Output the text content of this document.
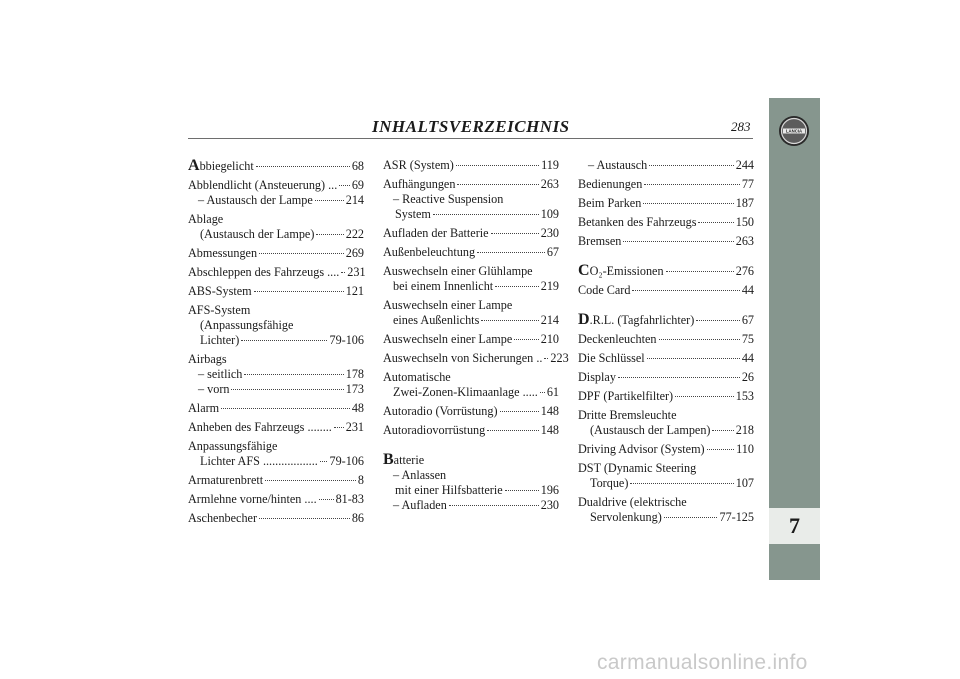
INHALTSVERZEICHNIS	283
Abbiegelicht	68
Abblendlicht (Ansteuerung) ... 69
– Austausch der Lampe	214
Ablage
(Austausch der Lampe)	222
Abmessungen	269
Abschleppen des Fahrzeugs .... 231
ABS-System	121
AFS-System
(Anpassungsfähige
Lichter)	79-106
Airbags
– seitlich	178
– vorn	173
Alarm	48
Anheben des Fahrzeugs ........ 231
Anpassungsfähige
Lichter AFS .................. 79-106
Armaturenbrett	8
Armlehne vorne/hinten .... 81-83
Aschenbecher	86
ASR (System)	119
Aufhängungen	263
– Reactive Suspension
System	109
Aufladen der Batterie	230
Außenbeleuchtung	67
Auswechseln einer Glühlampe
bei einem Innenlicht	219
Auswechseln einer Lampe
eines Außenlichts	214
Auswechseln einer Lampe 210
Auswechseln von Sicherungen .. 223
Automatische
Zwei-Zonen-Klimaanlage ..... 61
Autoradio (Vorrüstung)	148
Autoradiovorrüstung	148
Batterie
– Anlassen
mit einer Hilfsbatterie	196
– Aufladen	230
– Austausch	244
Bedienungen	77
Beim Parken	187
Betanken des Fahrzeugs	150
Bremsen	263
CO₂-Emissionen	276
Code Card	44
D.R.L. (Tagfahrlichter)	67
Deckenleuchten	75
Die Schlüssel	44
Display	26
DPF (Partikelfilter)	153
Dritte Bremsleuchte
(Austausch der Lampen) 218
Driving Advisor (System)	110
DST (Dynamic Steering
Torque)	107
Dualdrive (elektrische
Servolenkung)	77-125
LANCIA
7
carmanualsonline.info
